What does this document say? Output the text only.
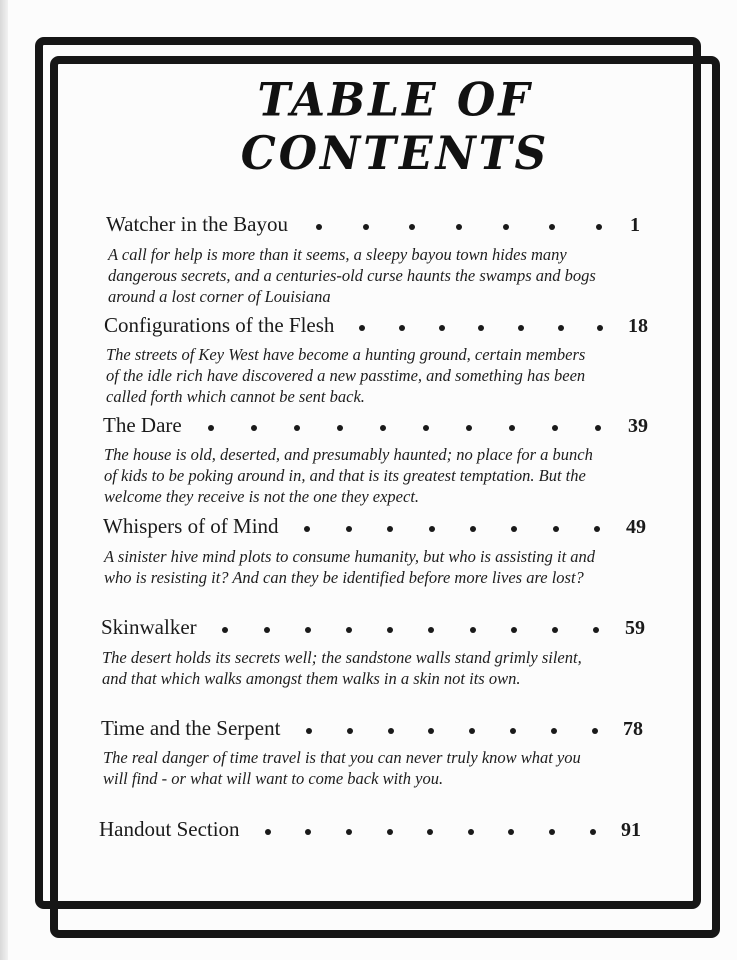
TABLE OF CONTENTS
Watcher in the Bayou	1
A call for help is more than it seems, a sleepy bayou town hides many
dangerous secrets, and a centuries-old curse haunts the swamps and bogs
around a lost corner of Louisiana
Configurations of the Flesh	18
The streets of Key West have become a hunting ground, certain members
of the idle rich have discovered a new passtime, and something has been
called forth which cannot be sent back.
The Dare	39
The house is old, deserted, and presumably haunted; no place for a bunch
of kids to be poking around in, and that is its greatest temptation. But the
welcome they receive is not the one they expect.
Whispers of of Mind	49
A sinister hive mind plots to consume humanity, but who is assisting it and
who is resisting it? And can they be identified before more lives are lost?
Skinwalker	59
The desert holds its secrets well; the sandstone walls stand grimly silent,
and that which walks amongst them walks in a skin not its own.
Time and the Serpent	78
The real danger of time travel is that you can never truly know what you
will find - or what will want to come back with you.
Handout Section	91
